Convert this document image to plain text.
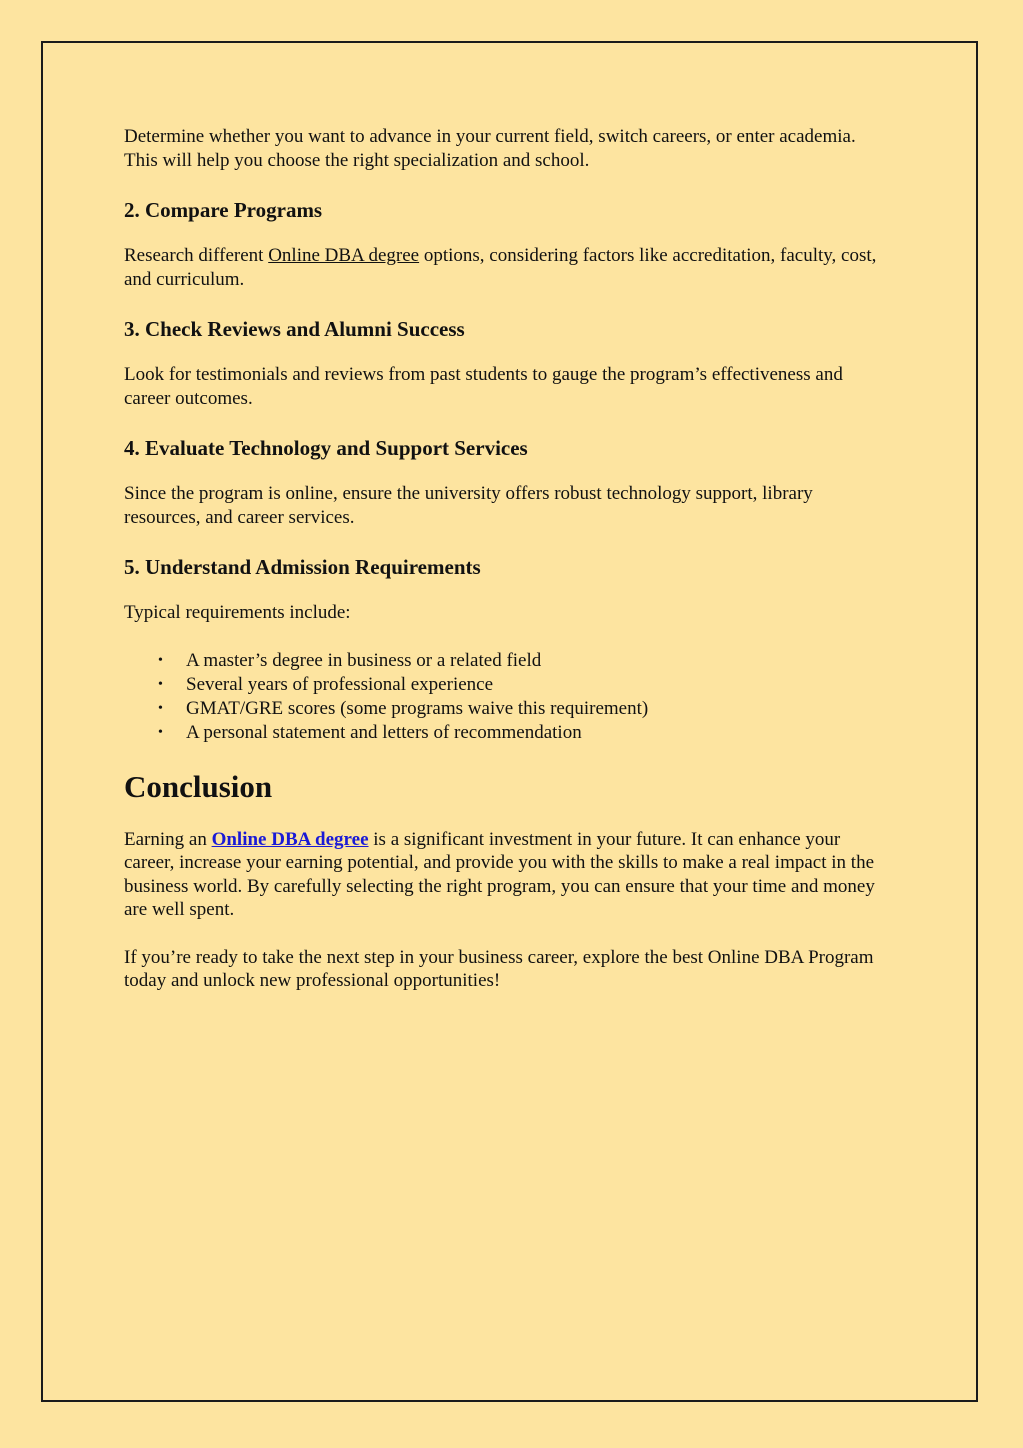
Determine whether you want to advance in your current field, switch careers, or enter academia. This will help you choose the right specialization and school.

2. Compare Programs

Research different Online DBA degree options, considering factors like accreditation, faculty, cost, and curriculum.

3. Check Reviews and Alumni Success

Look for testimonials and reviews from past students to gauge the program’s effectiveness and career outcomes.

4. Evaluate Technology and Support Services

Since the program is online, ensure the university offers robust technology support, library resources, and career services.

5. Understand Admission Requirements

Typical requirements include:

• A master’s degree in business or a related field
• Several years of professional experience
• GMAT/GRE scores (some programs waive this requirement)
• A personal statement and letters of recommendation
Conclusion

Earning an Online DBA degree is a significant investment in your future. It can enhance your career, increase your earning potential, and provide you with the skills to make a real impact in the business world. By carefully selecting the right program, you can ensure that your time and money are well spent.

If you’re ready to take the next step in your business career, explore the best Online DBA Program today and unlock new professional opportunities!
